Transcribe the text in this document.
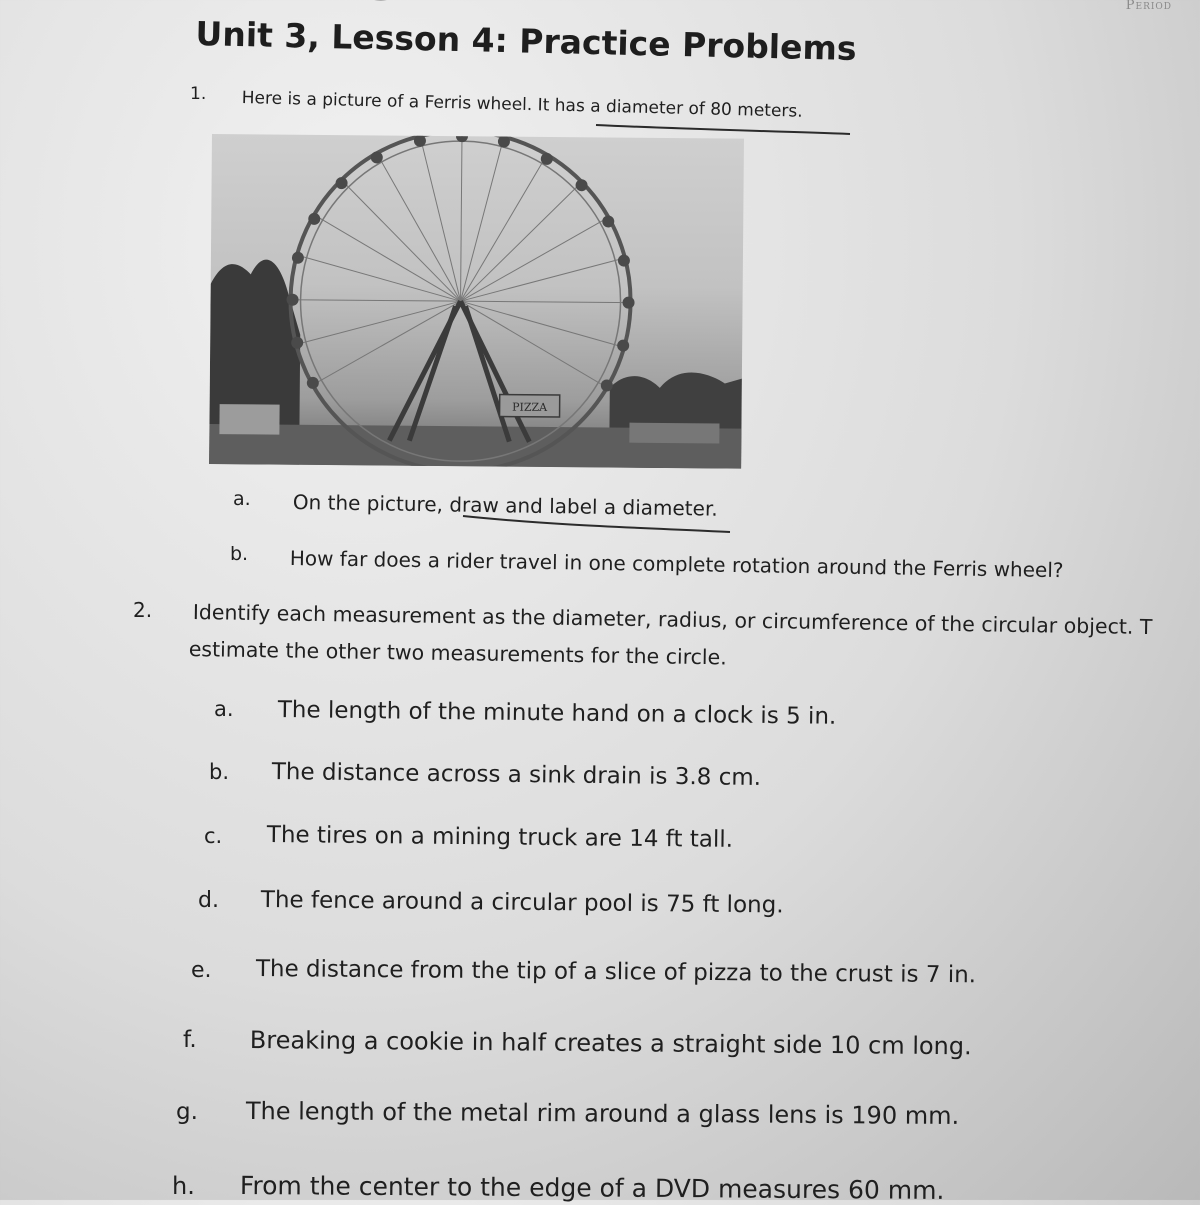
Period
Unit 3, Lesson 4: Practice Problems
1. Here is a picture of a Ferris wheel. It has a diameter of 80 meters.
PIZZA
a. On the picture, draw and label a diameter.
b. How far does a rider travel in one complete rotation around the Ferris wheel?
2. Identify each measurement as the diameter, radius, or circumference of the circular object. T
estimate the other two measurements for the circle.
a. The length of the minute hand on a clock is 5 in.
b. The distance across a sink drain is 3.8 cm.
c. The tires on a mining truck are 14 ft tall.
d. The fence around a circular pool is 75 ft long.
e. The distance from the tip of a slice of pizza to the crust is 7 in.
f. Breaking a cookie in half creates a straight side 10 cm long.
g. The length of the metal rim around a glass lens is 190 mm.
h. From the center to the edge of a DVD measures 60 mm.
